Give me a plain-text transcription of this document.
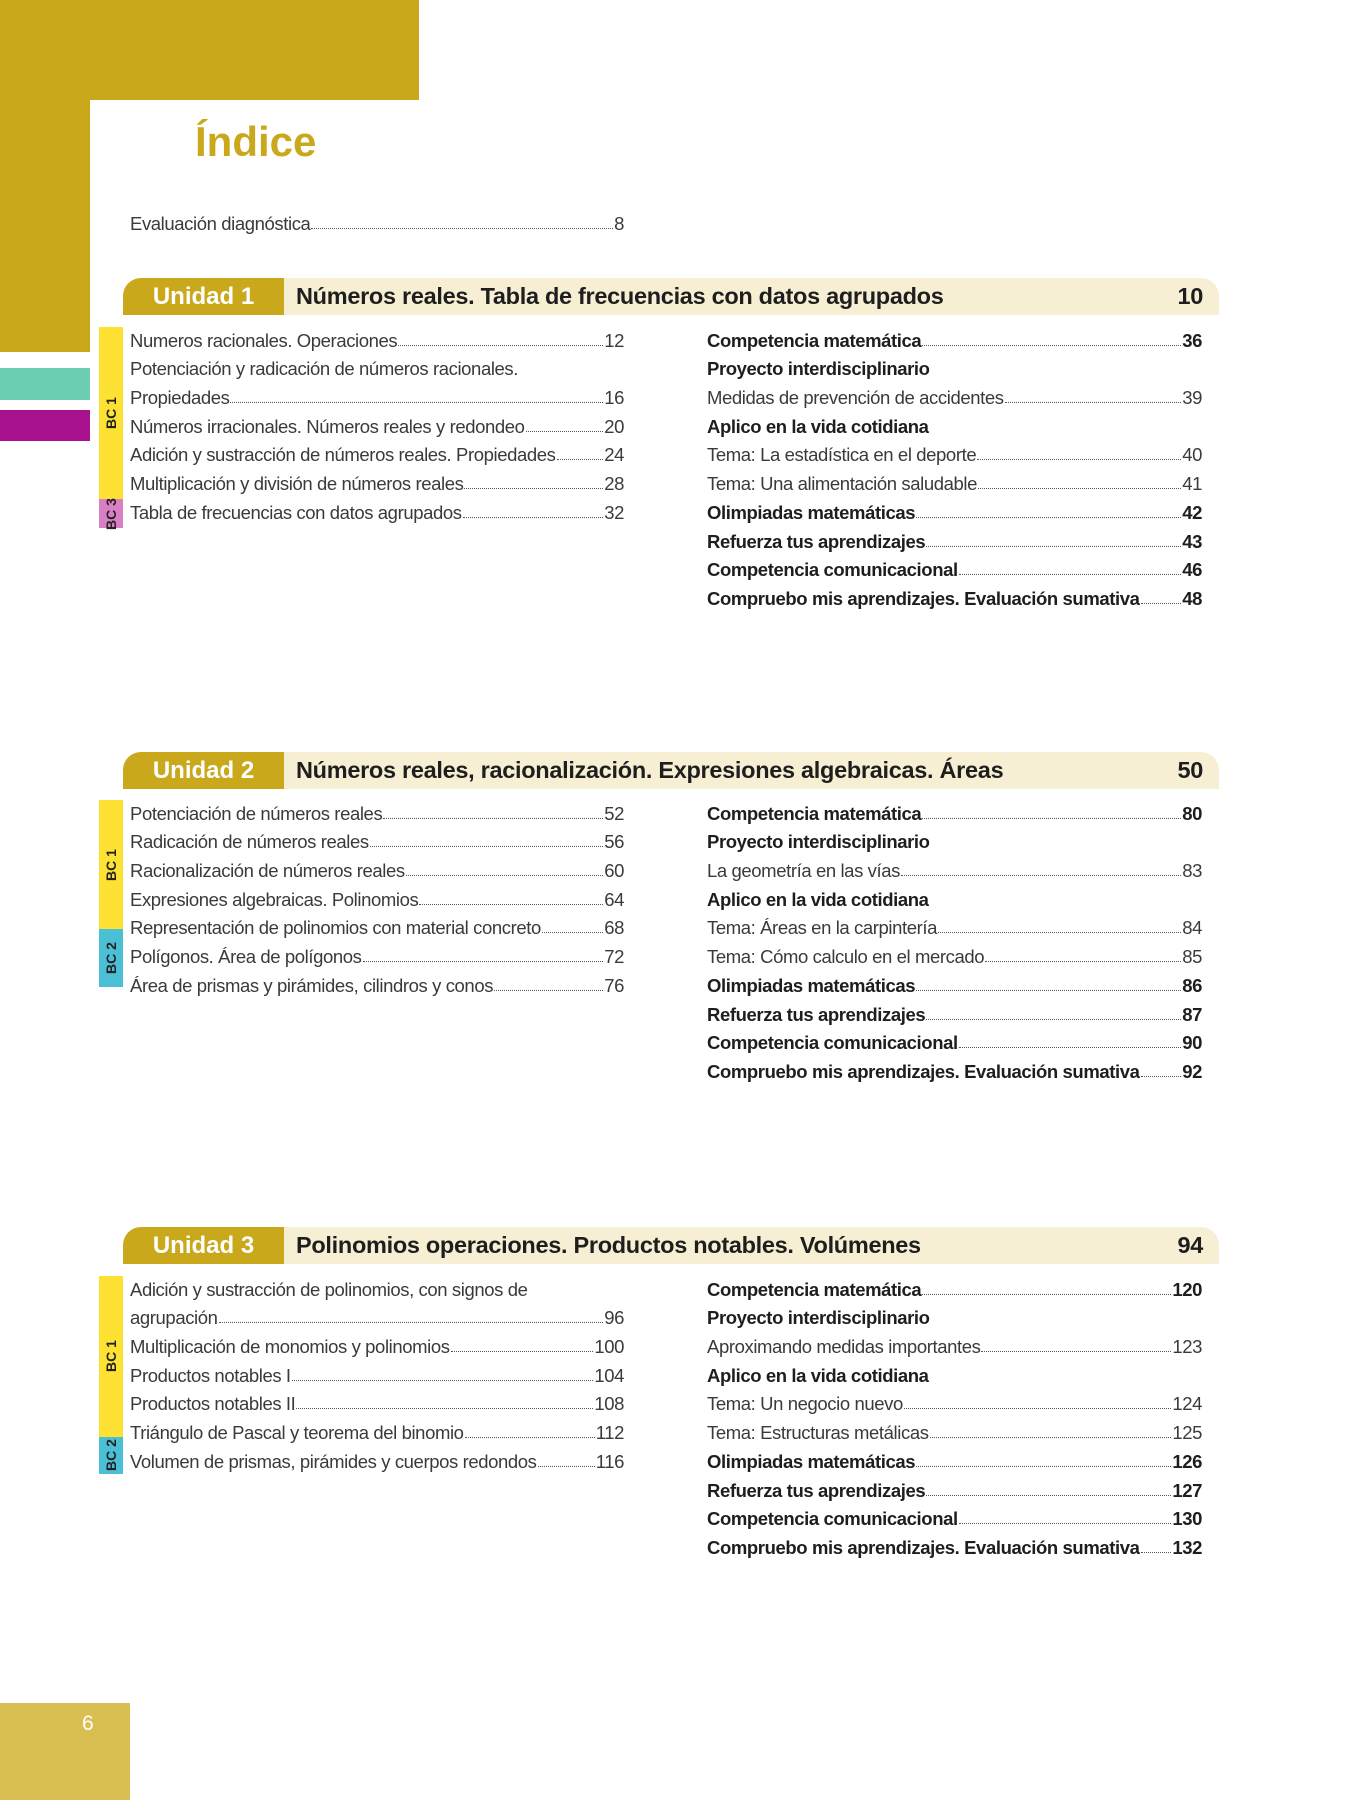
Índice
Evaluación diagnóstica	8
Unidad 1	Números reales. Tabla de frecuencias con datos agrupados	10
BC 1
BC 3
Numeros racionales. Operaciones	12
Potenciación y radicación de números racionales.
Propiedades	16
Números irracionales. Números reales y redondeo	20
Adición y sustracción de números reales. Propiedades	24
Multiplicación y división de números reales	28
Tabla de frecuencias con datos agrupados	32
Competencia matemática	36
Proyecto interdisciplinario
Medidas de prevención de accidentes	39
Aplico en la vida cotidiana
Tema: La estadística en el deporte	40
Tema: Una alimentación saludable	41
Olimpiadas matemáticas	42
Refuerza tus aprendizajes	43
Competencia comunicacional	46
Compruebo mis aprendizajes. Evaluación sumativa 48
Unidad 2	Números reales, racionalización. Expresiones algebraicas. Áreas	50
BC 1
BC 2
Potenciación de números reales	52
Radicación de números reales	56
Racionalización de números reales	60
Expresiones algebraicas. Polinomios	64
Representación de polinomios con material concreto	68
Polígonos. Área de polígonos	72
Área de prismas y pirámides, cilindros y conos	76
Competencia matemática	80
Proyecto interdisciplinario
La geometría en las vías	83
Aplico en la vida cotidiana
Tema: Áreas en la carpintería	84
Tema: Cómo calculo en el mercado	85
Olimpiadas matemáticas	86
Refuerza tus aprendizajes	87
Competencia comunicacional	90
Compruebo mis aprendizajes. Evaluación sumativa 92
Unidad 3	Polinomios operaciones. Productos notables. Volúmenes	94
BC 1
BC 2
Adición y sustracción de polinomios, con signos de
agrupación	96
Multiplicación de monomios y polinomios	100
Productos notables I	104
Productos notables II	108
Triángulo de Pascal y teorema del binomio	112
Volumen de prismas, pirámides y cuerpos redondos	116
Competencia matemática	120
Proyecto interdisciplinario
Aproximando medidas importantes	123
Aplico en la vida cotidiana
Tema: Un negocio nuevo	124
Tema: Estructuras metálicas	125
Olimpiadas matemáticas	126
Refuerza tus aprendizajes	127
Competencia comunicacional	130
Compruebo mis aprendizajes. Evaluación sumativa 132
6
